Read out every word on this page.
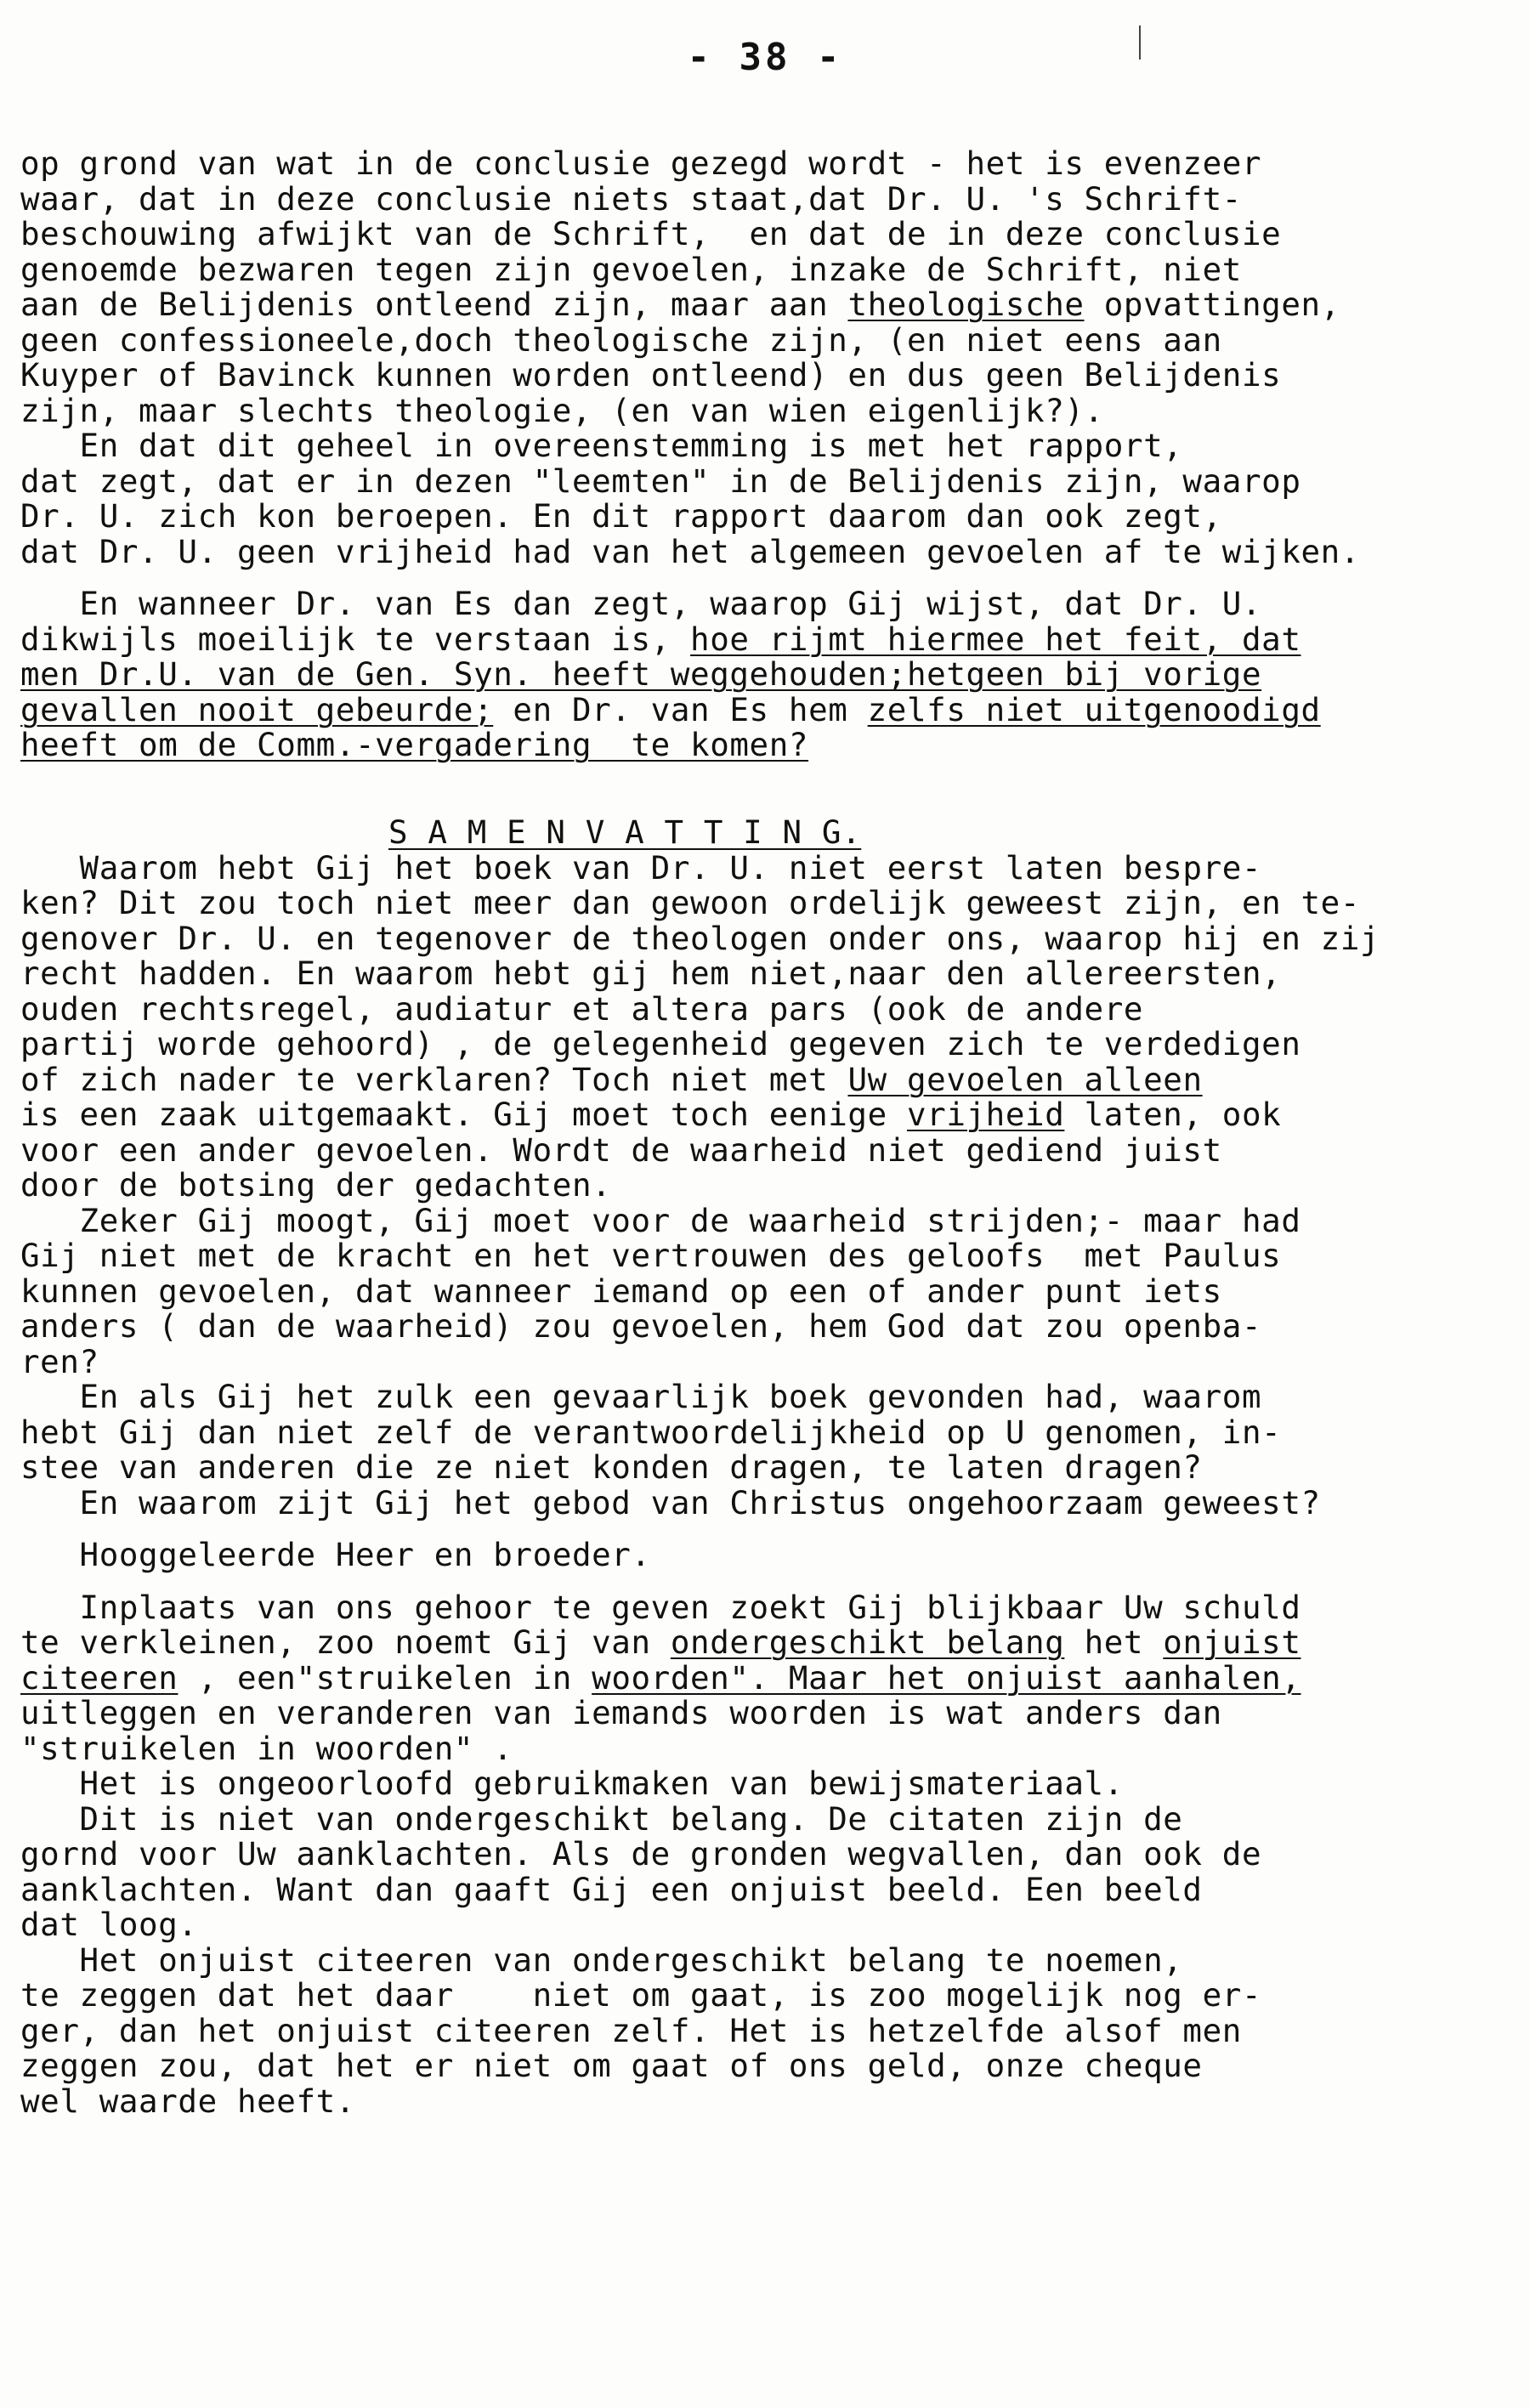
- 38 -
op grond van wat in de conclusie gezegd wordt - het is evenzeer
waar, dat in deze conclusie niets staat,dat Dr. U. 's Schrift-
beschouwing afwijkt van de Schrift,  en dat de in deze conclusie
genoemde bezwaren tegen zijn gevoelen, inzake de Schrift, niet
aan de Belijdenis ontleend zijn, maar aan theologische opvattingen,
geen confessioneele,doch theologische zijn, (en niet eens aan
Kuyper of Bavinck kunnen worden ontleend) en dus geen Belijdenis
zijn, maar slechts theologie, (en van wien eigenlijk?).
En dat dit geheel in overeenstemming is met het rapport,
dat zegt, dat er in dezen "leemten" in de Belijdenis zijn, waarop
Dr. U. zich kon beroepen. En dit rapport daarom dan ook zegt,
dat Dr. U. geen vrijheid had van het algemeen gevoelen af te wijken.
En wanneer Dr. van Es dan zegt, waarop Gij wijst, dat Dr. U.
dikwijls moeilijk te verstaan is, hoe rijmt hiermee het feit, dat
men Dr.U. van de Gen. Syn. heeft weggehouden;hetgeen bij vorige
gevallen nooit gebeurde; en Dr. van Es hem zelfs niet uitgenoodigd
heeft om de Comm.-vergadering  te komen?
S A M E N V A T T I N G.
Waarom hebt Gij het boek van Dr. U. niet eerst laten bespre-
ken? Dit zou toch niet meer dan gewoon ordelijk geweest zijn, en te-
genover Dr. U. en tegenover de theologen onder ons, waarop hij en zij
recht hadden. En waarom hebt gij hem niet,naar den allereersten,
ouden rechtsregel, audiatur et altera pars (ook de andere
partij worde gehoord) , de gelegenheid gegeven zich te verdedigen
of zich nader te verklaren? Toch niet met Uw gevoelen alleen
is een zaak uitgemaakt. Gij moet toch eenige vrijheid laten, ook
voor een ander gevoelen. Wordt de waarheid niet gediend juist
door de botsing der gedachten.
Zeker Gij moogt, Gij moet voor de waarheid strijden;- maar had
Gij niet met de kracht en het vertrouwen des geloofs  met Paulus
kunnen gevoelen, dat wanneer iemand op een of ander punt iets
anders ( dan de waarheid) zou gevoelen, hem God dat zou openba-
ren?
En als Gij het zulk een gevaarlijk boek gevonden had, waarom
hebt Gij dan niet zelf de verantwoordelijkheid op U genomen, in-
stee van anderen die ze niet konden dragen, te laten dragen?
En waarom zijt Gij het gebod van Christus ongehoorzaam geweest?
Hooggeleerde Heer en broeder.
Inplaats van ons gehoor te geven zoekt Gij blijkbaar Uw schuld
te verkleinen, zoo noemt Gij van ondergeschikt belang het onjuist
citeeren , een"struikelen in woorden". Maar het onjuist aanhalen,
uitleggen en veranderen van iemands woorden is wat anders dan
"struikelen in woorden" .
Het is ongeoorloofd gebruikmaken van bewijsmateriaal.
Dit is niet van ondergeschikt belang. De citaten zijn de
gornd voor Uw aanklachten. Als de gronden wegvallen, dan ook de
aanklachten. Want dan gaaft Gij een onjuist beeld. Een beeld
dat loog.
Het onjuist citeeren van ondergeschikt belang te noemen,
te zeggen dat het daar    niet om gaat, is zoo mogelijk nog er-
ger, dan het onjuist citeeren zelf. Het is hetzelfde alsof men
zeggen zou, dat het er niet om gaat of ons geld, onze cheque
wel waarde heeft.
